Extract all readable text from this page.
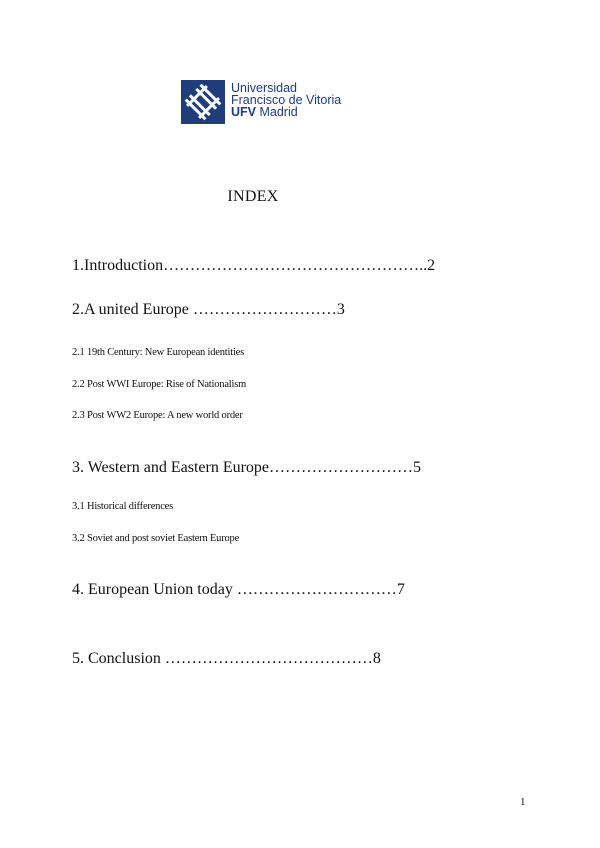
Universidad
Francisco de Vitoria
UFV Madrid
INDEX
1.Introduction…………………………………………..2
2.A united Europe ………………………3
2.1 19th Century: New European identities
2.2 Post WWI Europe: Rise of Nationalism
2.3 Post WW2 Europe: A new world order
3. Western and Eastern Europe………………………5
3.1 Historical differences
3.2 Soviet and post soviet Eastern Europe
4. European Union today …………………………7
5. Conclusion …………………………………8
1
